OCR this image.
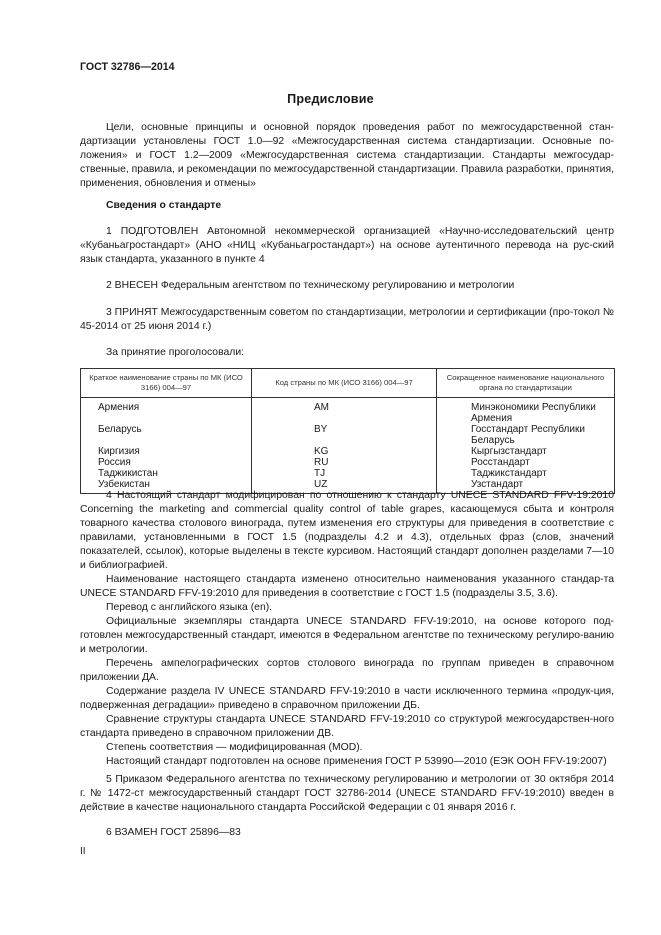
ГОСТ 32786—2014
Предисловие

Цели, основные принципы и основной порядок проведения работ по межгосударственной стан-дартизации установлены ГОСТ 1.0—92 «Межгосударственная система стандартизации. Основные по-ложения» и ГОСТ 1.2—2009 «Межгосударственная система стандартизации. Стандарты межгосудар-ственные, правила, и рекомендации по межгосударственной стандартизации. Правила разработки, принятия, применения, обновления и отмены»

Сведения о стандарте

1 ПОДГОТОВЛЕН Автономной некоммерческой организацией «Научно-исследовательский центр «Кубаньагростандарт» (АНО «НИЦ «Кубаньагростандарт») на основе аутентичного перевода на рус-ский язык стандарта, указанного в пункте 4

2 ВНЕСЕН Федеральным агентством по техническому регулированию и метрологии

3 ПРИНЯТ Межгосударственным советом по стандартизации, метрологии и сертификации (про-токол № 45-2014 от 25 июня 2014 г.)

За принятие проголосовали:

Краткое наименование страны по МК (ИСО 3166) 004—97	Код страны по МК (ИСО 3166) 004—97	Сокращенное наименование национального органа по стандартизации
Армения	AM	Минэкономики Республики Армения
Беларусь	BY	Госстандарт Республики Беларусь
Киргизия	KG	Кыргызстандарт
Россия	RU	Росстандарт
Таджикистан	TJ	Таджикстандарт
Узбекистан	UZ	Узстандарт

4 Настоящий стандарт модифицирован по отношению к стандарту UNECE STANDARD FFV-19:2010 Concerning the marketing and commercial quality control of table grapes, касающемуся сбыта и контроля товарного качества столового винограда, путем изменения его структуры для приведения в соответствие с правилами, установленными в ГОСТ 1.5 (подразделы 4.2 и 4.3), отдельных фраз (слов, значений показателей, ссылок), которые выделены в тексте курсивом. Настоящий стандарт дополнен разделами 7—10 и библиографией.

Наименование настоящего стандарта изменено относительно наименования указанного стандар-та UNECE STANDARD FFV-19:2010 для приведения в соответствие с ГОСТ 1.5 (подразделы 3.5, 3.6).

Перевод с английского языка (en).

Официальные экземпляры стандарта UNECE STANDARD FFV-19:2010, на основе которого под-готовлен межгосударственный стандарт, имеются в Федеральном агентстве по техническому регулиро-ванию и метрологии.

Перечень ампелографических сортов столового винограда по группам приведен в справочном приложении ДА.

Содержание раздела IV UNECE STANDARD FFV-19:2010 в части исключенного термина «продук-ция, подверженная деградации» приведено в справочном приложении ДБ.

Сравнение структуры стандарта UNECE STANDARD FFV-19:2010 со структурой межгосударствен-ного стандарта приведено в справочном приложении ДВ.

Степень соответствия — модифицированная (MOD).

Настоящий стандарт подготовлен на основе применения ГОСТ Р 53990—2010 (ЕЭК ООН FFV-19:2007)

5 Приказом Федерального агентства по техническому регулированию и метрологии от 30 октября 2014 г. № 1472-ст межгосударственный стандарт ГОСТ 32786-2014 (UNECE STANDARD FFV-19:2010) введен в действие в качестве национального стандарта Российской Федерации с 01 января 2016 г.

6 ВЗАМЕН ГОСТ 25896—83

II
